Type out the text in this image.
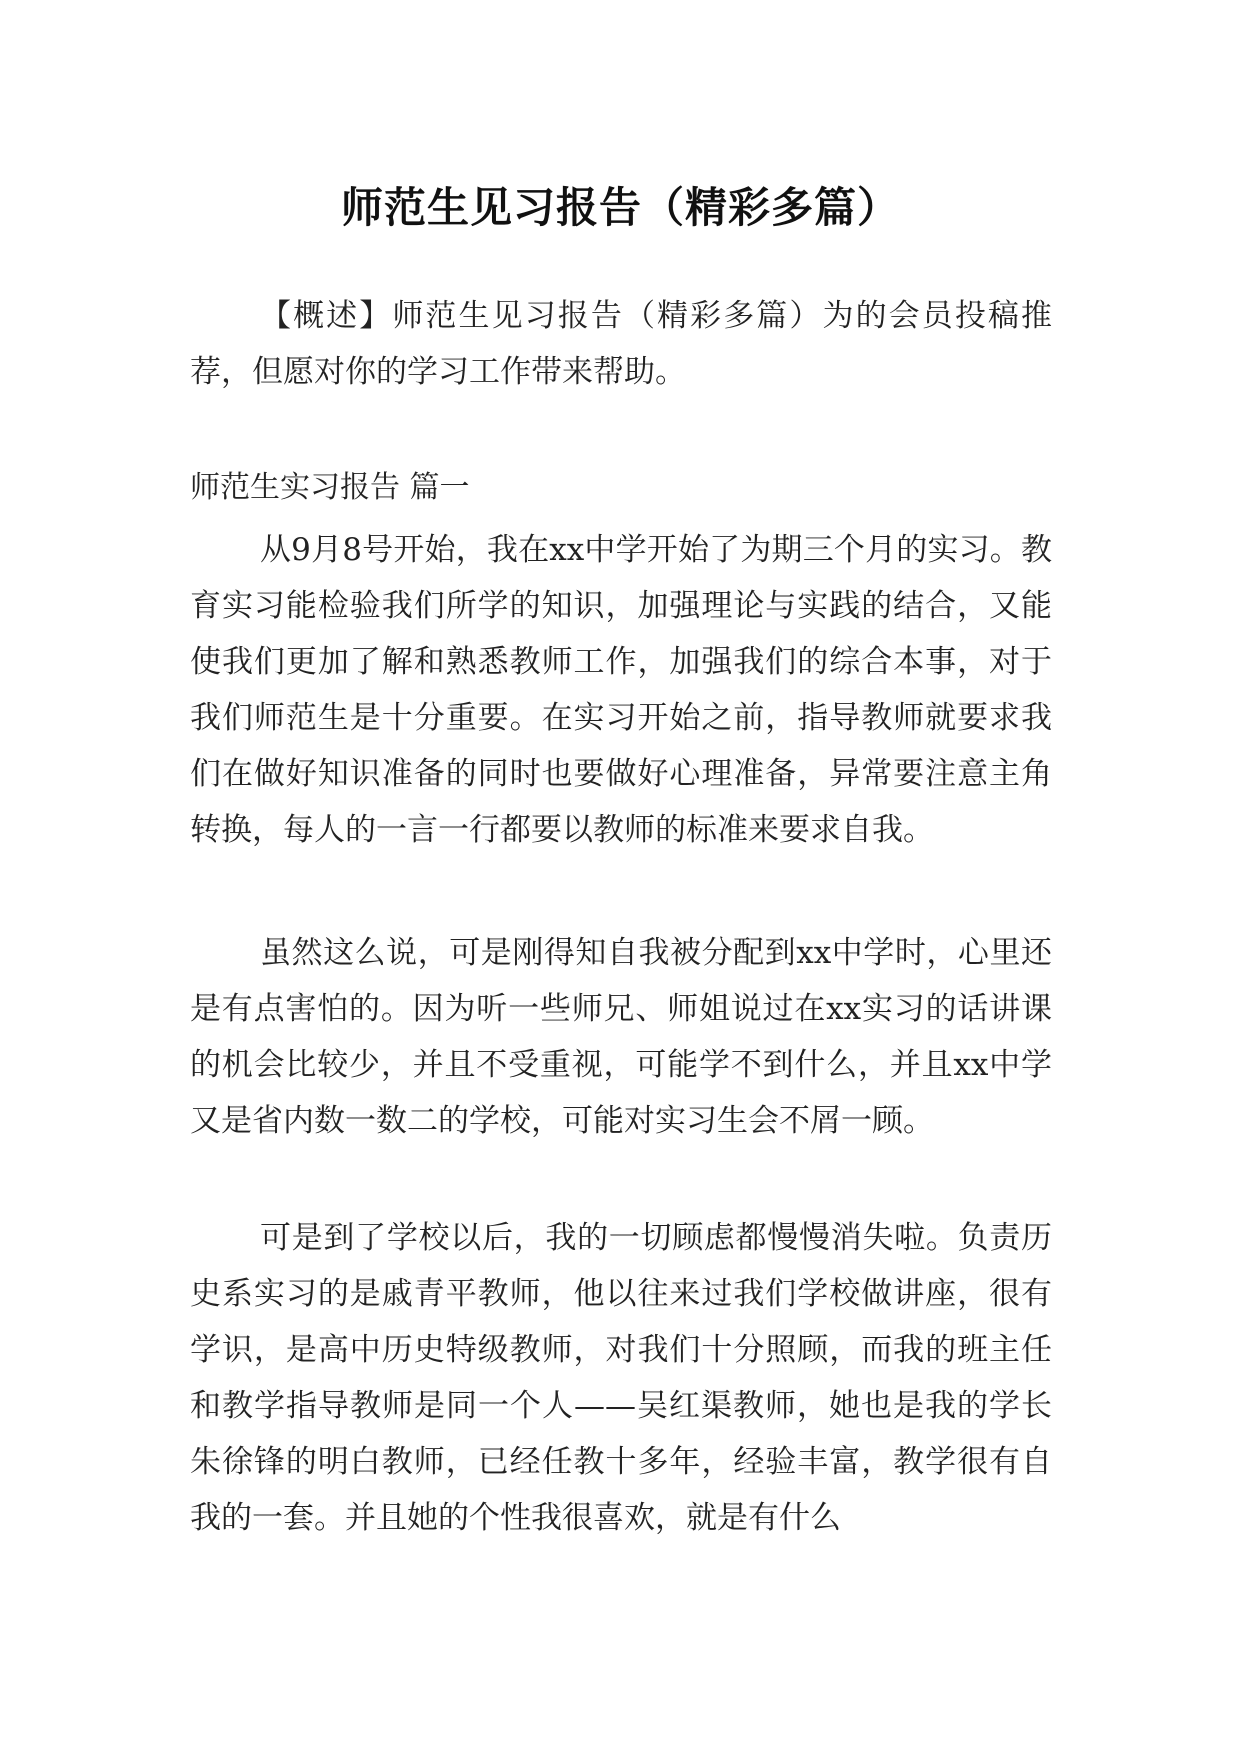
师范生见习报告（精彩多篇）

【概述】师范生见习报告（精彩多篇）为的会员投稿推荐，但愿对你的学习工作带来帮助。

师范生实习报告 篇一

从9月8号开始，我在xx中学开始了为期三个月的实习。教育实习能检验我们所学的知识，加强理论与实践的结合，又能使我们更加了解和熟悉教师工作，加强我们的综合本事，对于我们师范生是十分重要。在实习开始之前，指导教师就要求我们在做好知识准备的同时也要做好心理准备，异常要注意主角转换，每人的一言一行都要以教师的标准来要求自我。

虽然这么说，可是刚得知自我被分配到xx中学时，心里还是有点害怕的。因为听一些师兄、师姐说过在xx实习的话讲课的机会比较少，并且不受重视，可能学不到什么，并且xx中学又是省内数一数二的学校，可能对实习生会不屑一顾。

可是到了学校以后，我的一切顾虑都慢慢消失啦。负责历史系实习的是戚青平教师，他以往来过我们学校做讲座，很有学识，是高中历史特级教师，对我们十分照顾，而我的班主任和教学指导教师是同一个人——吴红渠教师，她也是我的学长朱徐锋的明白教师，已经任教十多年，经验丰富，教学很有自我的一套。并且她的个性我很喜欢，就是有什么
